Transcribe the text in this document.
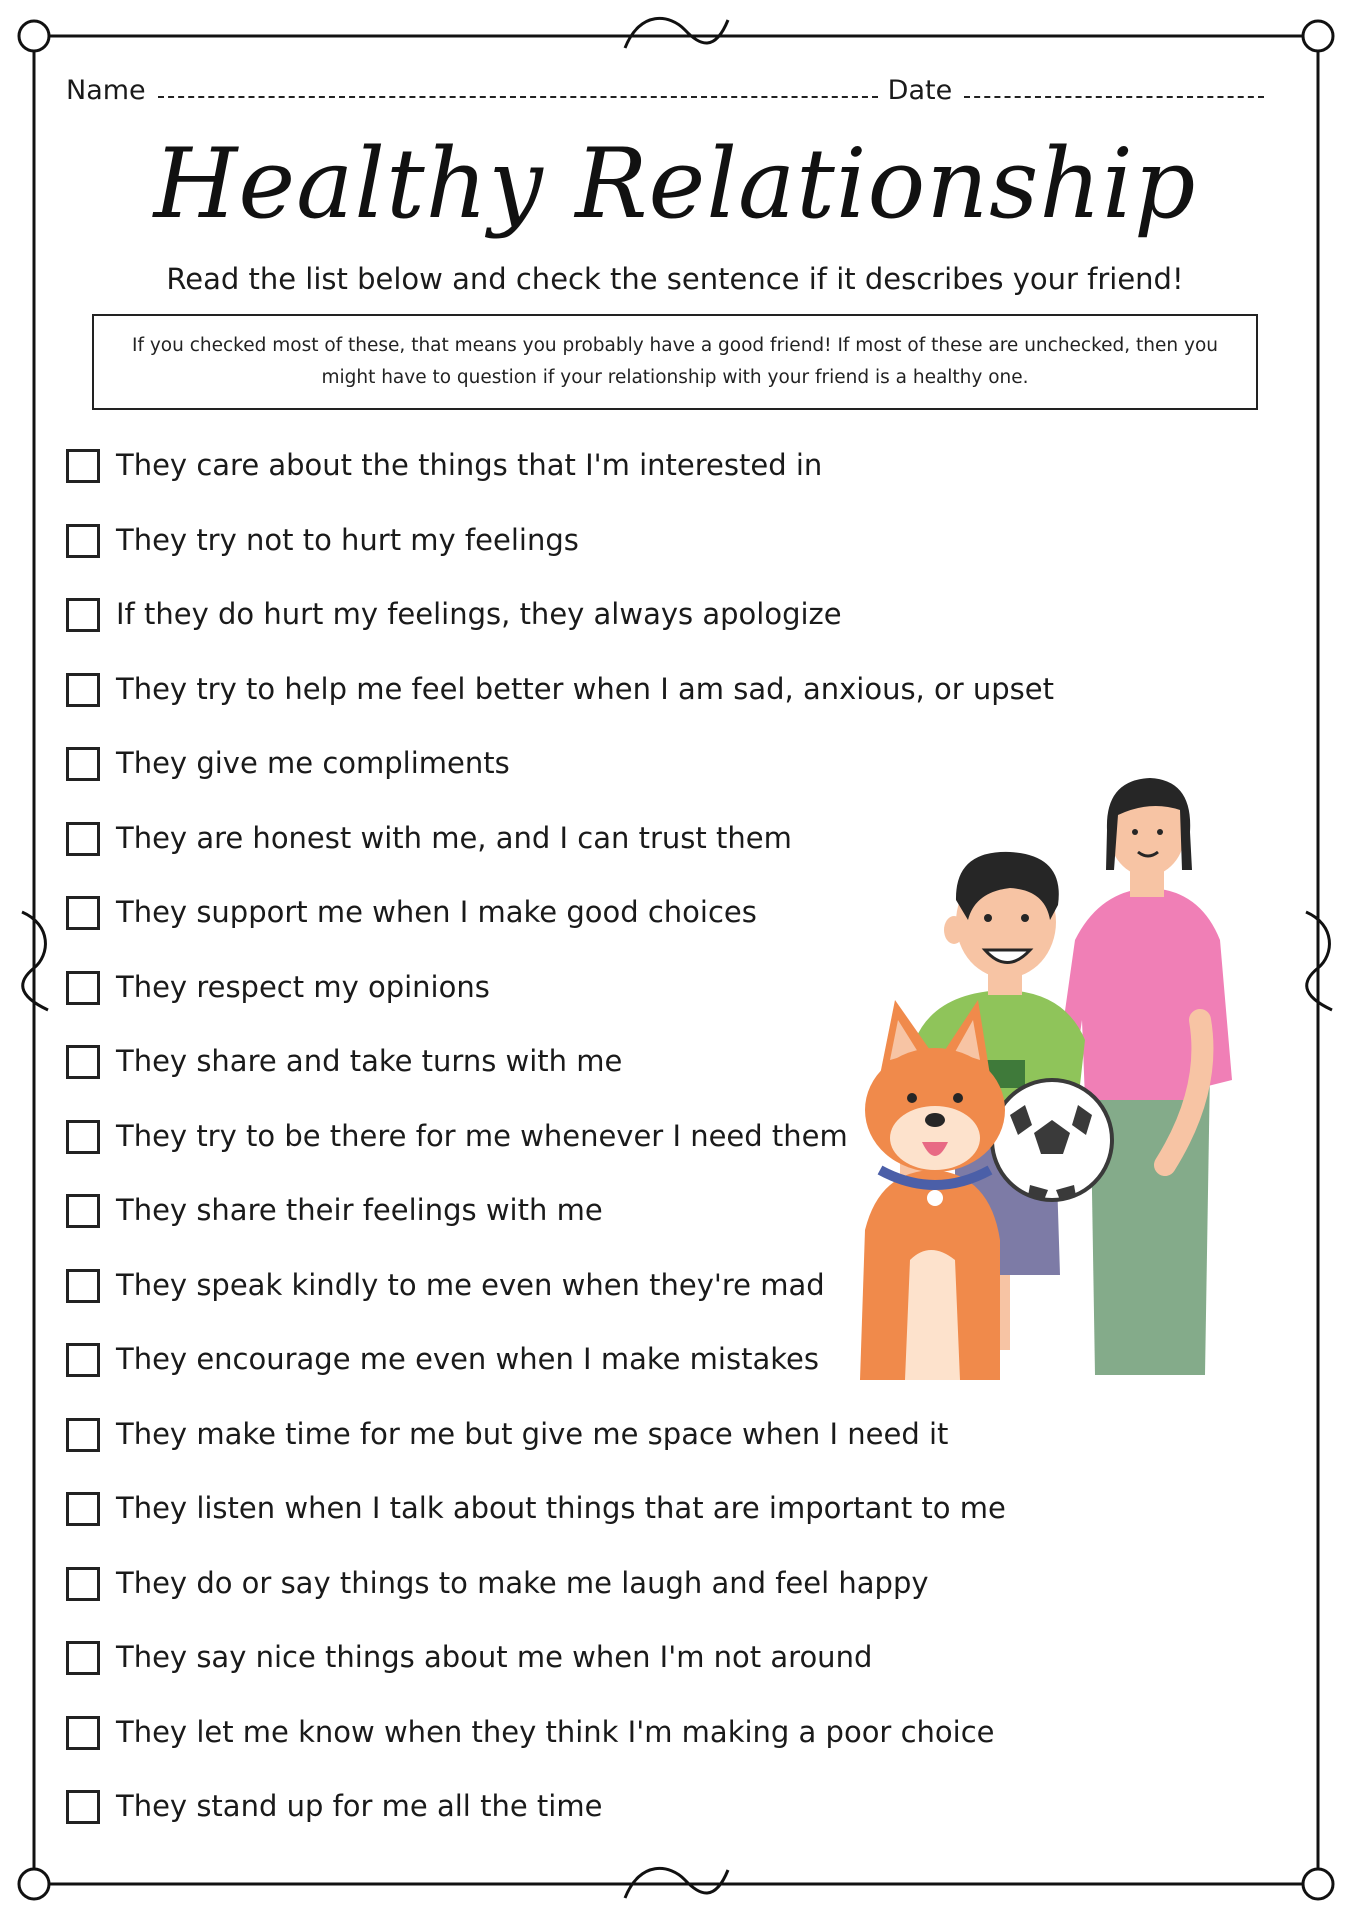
Name	Date
Healthy Relationship
Read the list below and check the sentence if it describes your friend!
If you checked most of these, that means you probably have a good friend! If most of these are unchecked, then you might have to question if your relationship with your friend is a healthy one.
They care about the things that I'm interested in
They try not to hurt my feelings
If they do hurt my feelings, they always apologize
They try to help me feel better when I am sad, anxious, or upset
They give me compliments
They are honest with me, and I can trust them
They support me when I make good choices
They respect my opinions
They share and take turns with me
They try to be there for me whenever I need them
They share their feelings with me
They speak kindly to me even when they're mad
They encourage me even when I make mistakes
They make time for me but give me space when I need it
They listen when I talk about things that are important to me
They do or say things to make me laugh and feel happy
They say nice things about me when I'm not around
They let me know when they think I'm making a poor choice
They stand up for me all the time
